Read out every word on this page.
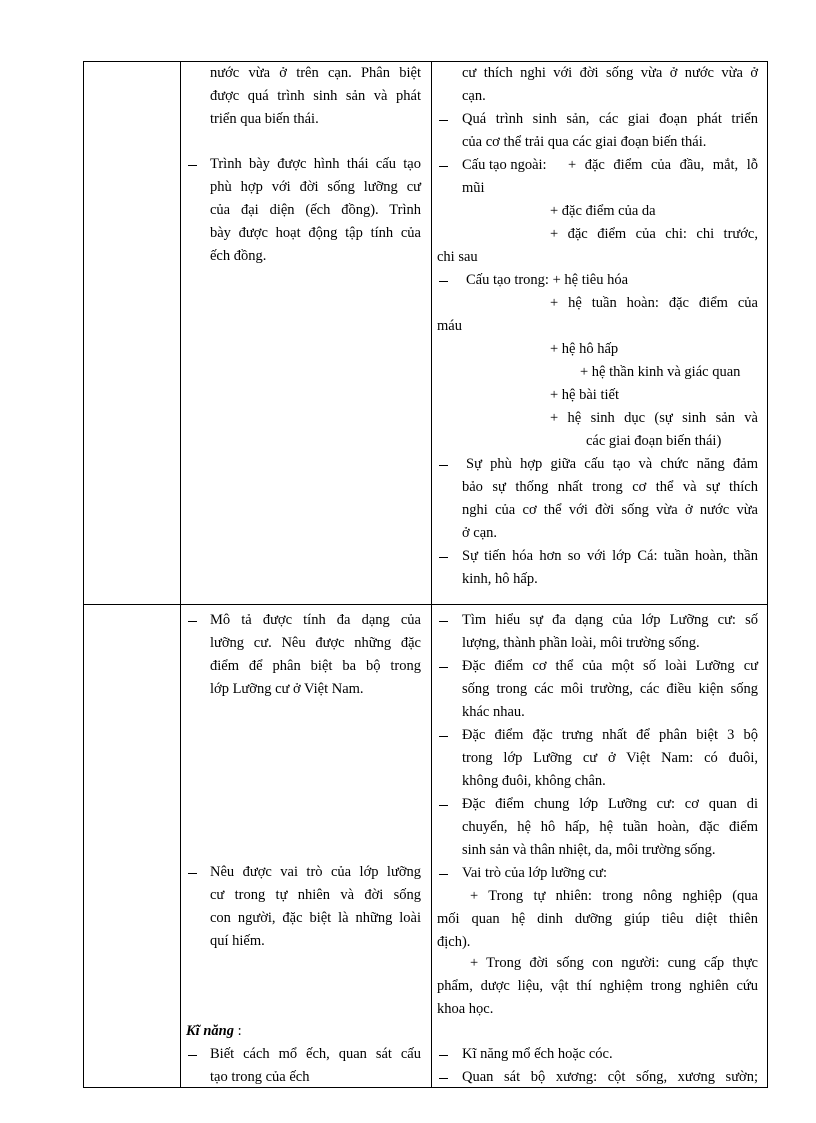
nước vừa ở trên cạn. Phân biệt
được quá trình sinh sản và phát
triển qua biến thái.
Trình bày được hình thái cấu tạo
phù hợp với đời sống lưỡng cư
của đại diện (ếch đồng). Trình
bày được hoạt động tập tính của
ếch đồng.
cư thích nghi với đời sống vừa ở nước vừa ở
cạn.
Quá trình sinh sản, các giai đoạn phát triển
của cơ thể trải qua các giai đoạn biến thái.
Cấu tạo ngoài: + đặc điểm của đầu, mắt, lỗ
mũi
+ đặc điểm của da
+ đặc điểm của chi: chi trước,
chi sau
Cấu tạo trong: + hệ tiêu hóa
+ hệ tuần hoàn: đặc điểm của
máu
+ hệ hô hấp
+ hệ thần kinh và giác quan
+ hệ bài tiết
+ hệ sinh dục (sự sinh sản và
các giai đoạn biến thái)
Sự phù hợp giữa cấu tạo và chức năng đảm
bảo sự thống nhất trong cơ thể và sự thích
nghi của cơ thể với đời sống vừa ở nước vừa
ở cạn.
Sự tiến hóa hơn so với lớp Cá: tuần hoàn, thần
kinh, hô hấp.
Mô tả được tính đa dạng của
lưỡng cư. Nêu được những đặc
điểm để phân biệt ba bộ trong
lớp Lưỡng cư ở Việt Nam.
Nêu được vai trò của lớp lưỡng
cư trong tự nhiên và đời sống
con người, đặc biệt là những loài
quí hiếm.
Kĩ năng :
Biết cách mổ ếch, quan sát cấu
tạo trong của ếch
Tìm hiểu sự đa dạng của lớp Lưỡng cư: số
lượng, thành phần loài, môi trường sống.
Đặc điểm cơ thể của một số loài Lưỡng cư
sống trong các môi trường, các điều kiện sống
khác nhau.
Đặc điểm đặc trưng nhất để phân biệt 3 bộ
trong lớp Lưỡng cư ở Việt Nam: có đuôi,
không đuôi, không chân.
Đặc điểm chung lớp Lưỡng cư: cơ quan di
chuyển, hệ hô hấp, hệ tuần hoàn, đặc điểm
sinh sản và thân nhiệt, da, môi trường sống.
Vai trò của lớp lưỡng cư:
+ Trong tự nhiên: trong nông nghiệp (qua
mối quan hệ dinh dưỡng giúp tiêu diệt thiên
địch).
+ Trong đời sống con người: cung cấp thực
phẩm, dược liệu, vật thí nghiệm trong nghiên cứu
khoa học.
Kĩ năng mổ ếch hoặc cóc.
Quan sát bộ xương: cột sống, xương sườn;
